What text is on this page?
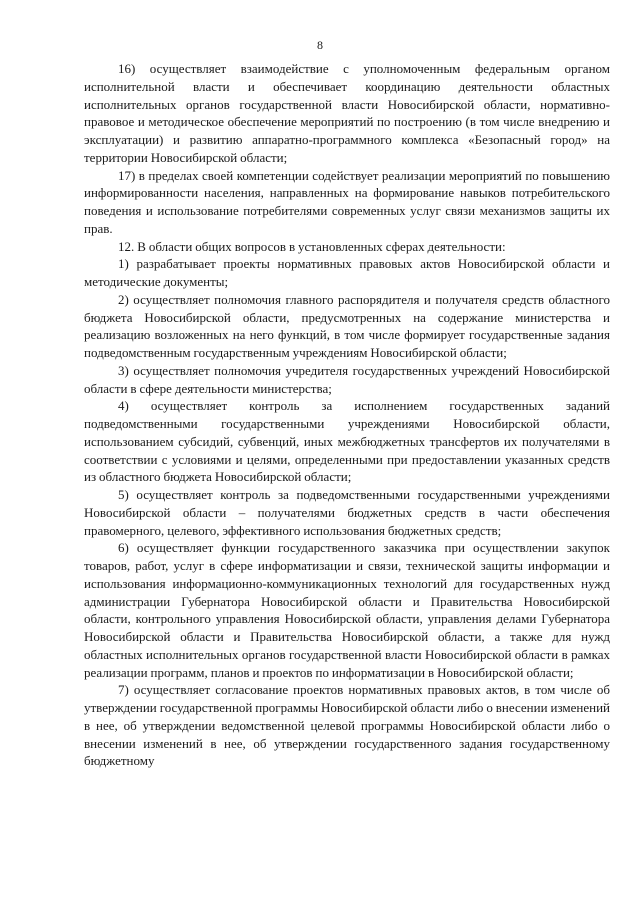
8

16) осуществляет взаимодействие с уполномоченным федеральным органом исполнительной власти и обеспечивает координацию деятельности областных исполнительных органов государственной власти Новосибирской области, нормативно-правовое и методическое обеспечение мероприятий по построению (в том числе внедрению и эксплуатации) и развитию аппаратно-программного комплекса «Безопасный город» на территории Новосибирской области;

17) в пределах своей компетенции содействует реализации мероприятий по повышению информированности населения, направленных на формирование навыков потребительского поведения и использование потребителями современных услуг связи механизмов защиты их прав.

12. В области общих вопросов в установленных сферах деятельности:

1) разрабатывает проекты нормативных правовых актов Новосибирской области и методические документы;

2) осуществляет полномочия главного распорядителя и получателя средств областного бюджета Новосибирской области, предусмотренных на содержание министерства и реализацию возложенных на него функций, в том числе формирует государственные задания подведомственным государственным учреждениям Новосибирской области;

3) осуществляет полномочия учредителя государственных учреждений Новосибирской области в сфере деятельности министерства;

4) осуществляет контроль за исполнением государственных заданий подведомственными государственными учреждениями Новосибирской области, использованием субсидий, субвенций, иных межбюджетных трансфертов их получателями в соответствии с условиями и целями, определенными при предоставлении указанных средств из областного бюджета Новосибирской области;

5) осуществляет контроль за подведомственными государственными учреждениями Новосибирской области – получателями бюджетных средств в части обеспечения правомерного, целевого, эффективного использования бюджетных средств;

6) осуществляет функции государственного заказчика при осуществлении закупок товаров, работ, услуг в сфере информатизации и связи, технической защиты информации и использования информационно-коммуникационных технологий для государственных нужд администрации Губернатора Новосибирской области и Правительства Новосибирской области, контрольного управления Новосибирской области, управления делами Губернатора Новосибирской области и Правительства Новосибирской области, а также для нужд областных исполнительных органов государственной власти Новосибирской области в рамках реализации программ, планов и проектов по информатизации в Новосибирской области;

7) осуществляет согласование проектов нормативных правовых актов, в том числе об утверждении государственной программы Новосибирской области либо о внесении изменений в нее, об утверждении ведомственной целевой программы Новосибирской области либо о внесении изменений в нее, об утверждении государственного задания государственному бюджетному
